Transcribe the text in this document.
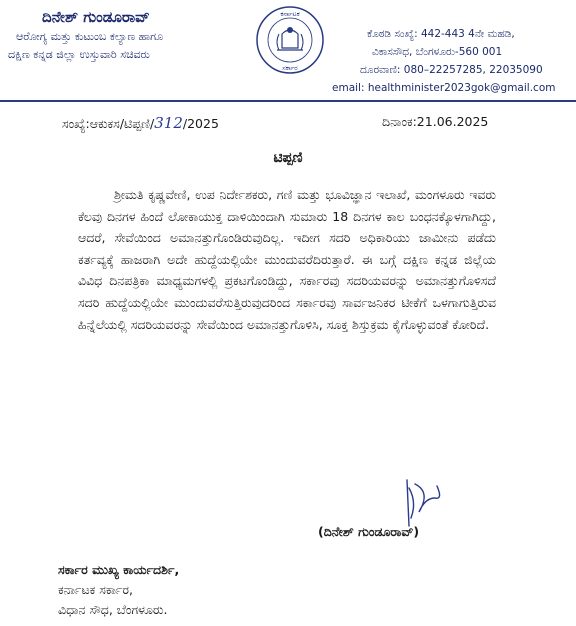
ದಿನೇಶ್ ಗುಂಡೂರಾವ್
ಆರೋಗ್ಯ ಮತ್ತು ಕುಟುಂಬ ಕಲ್ಯಾಣ ಹಾಗೂ
ದಕ್ಷಿಣ ಕನ್ನಡ ಜಿಲ್ಲಾ ಉಸ್ತುವಾರಿ ಸಚಿವರು
ಕರ್ನಾಟಕ
ಸರ್ಕಾರ
ಕೊಠಡಿ ಸಂಖ್ಯೆ: 442-443 4ನೇ ಮಹಡಿ,
ವಿಕಾಸಸೌಧ, ಬೆಂಗಳೂರು-560 001
ದೂರವಾಣಿ: 080–22257285, 22035090
email: healthminister2023gok@gmail.com
ಸಂಖ್ಯೆ:ಆಕುಕಸ/ಟಿಪ್ಪಣಿ/312/2025	ದಿನಾಂಕ:21.06.2025
ಟಿಪ್ಪಣಿ

ಶ್ರೀಮತಿ ಕೃಷ್ಣವೇಣಿ, ಉಪ ನಿರ್ದೇಶಕರು, ಗಣಿ ಮತ್ತು ಭೂವಿಜ್ಞಾನ ಇಲಾಖೆ, ಮಂಗಳೂರು ಇವರು ಕೆಲವು ದಿನಗಳ ಹಿಂದೆ ಲೋಕಾಯುಕ್ತ ದಾಳಿಯಿಂದಾಗಿ ಸುಮಾರು 18 ದಿನಗಳ ಕಾಲ ಬಂಧನಕ್ಕೊಳಗಾಗಿದ್ದು, ಆದರೆ, ಸೇವೆಯಿಂದ ಅಮಾನತ್ತುಗೊಂಡಿರುವುದಿಲ್ಲ. ಇದೀಗ ಸದರಿ ಅಧಿಕಾರಿಯು ಜಾಮೀನು ಪಡೆದು ಕರ್ತವ್ಯಕ್ಕೆ ಹಾಜರಾಗಿ ಅದೇ ಹುದ್ದೆಯಲ್ಲಿಯೇ ಮುಂದುವರೆದಿರುತ್ತಾರೆ. ಈ ಬಗ್ಗೆ ದಕ್ಷಿಣ ಕನ್ನಡ ಜಿಲ್ಲೆಯ ವಿವಿಧ ದಿನಪತ್ರಿಕಾ ಮಾಧ್ಯಮಗಳಲ್ಲಿ ಪ್ರಕಟಗೊಂಡಿದ್ದು, ಸರ್ಕಾರವು ಸದರಿಯವರನ್ನು ಅಮಾನತ್ತುಗೊಳಿಸದೆ ಸದರಿ ಹುದ್ದೆಯಲ್ಲಿಯೇ ಮುಂದುವರೆಸುತ್ತಿರುವುದರಿಂದ ಸರ್ಕಾರವು ಸಾರ್ವಜನಿಕರ ಟೀಕೆಗೆ ಒಳಗಾಗುತ್ತಿರುವ ಹಿನ್ನೆಲೆಯಲ್ಲಿ ಸದರಿಯವರನ್ನು ಸೇವೆಯಿಂದ ಅಮಾನತ್ತುಗೊಳಿಸಿ, ಸೂಕ್ತ ಶಿಸ್ತುಕ್ರಮ ಕೈಗೊಳ್ಳುವಂತೆ ಕೋರಿದೆ.

(ದಿನೇಶ್ ಗುಂಡೂರಾವ್)
ಸರ್ಕಾರ ಮುಖ್ಯ ಕಾರ್ಯದರ್ಶಿ,
ಕರ್ನಾಟಕ ಸರ್ಕಾರ,
ವಿಧಾನ ಸೌಧ, ಬೆಂಗಳೂರು.
